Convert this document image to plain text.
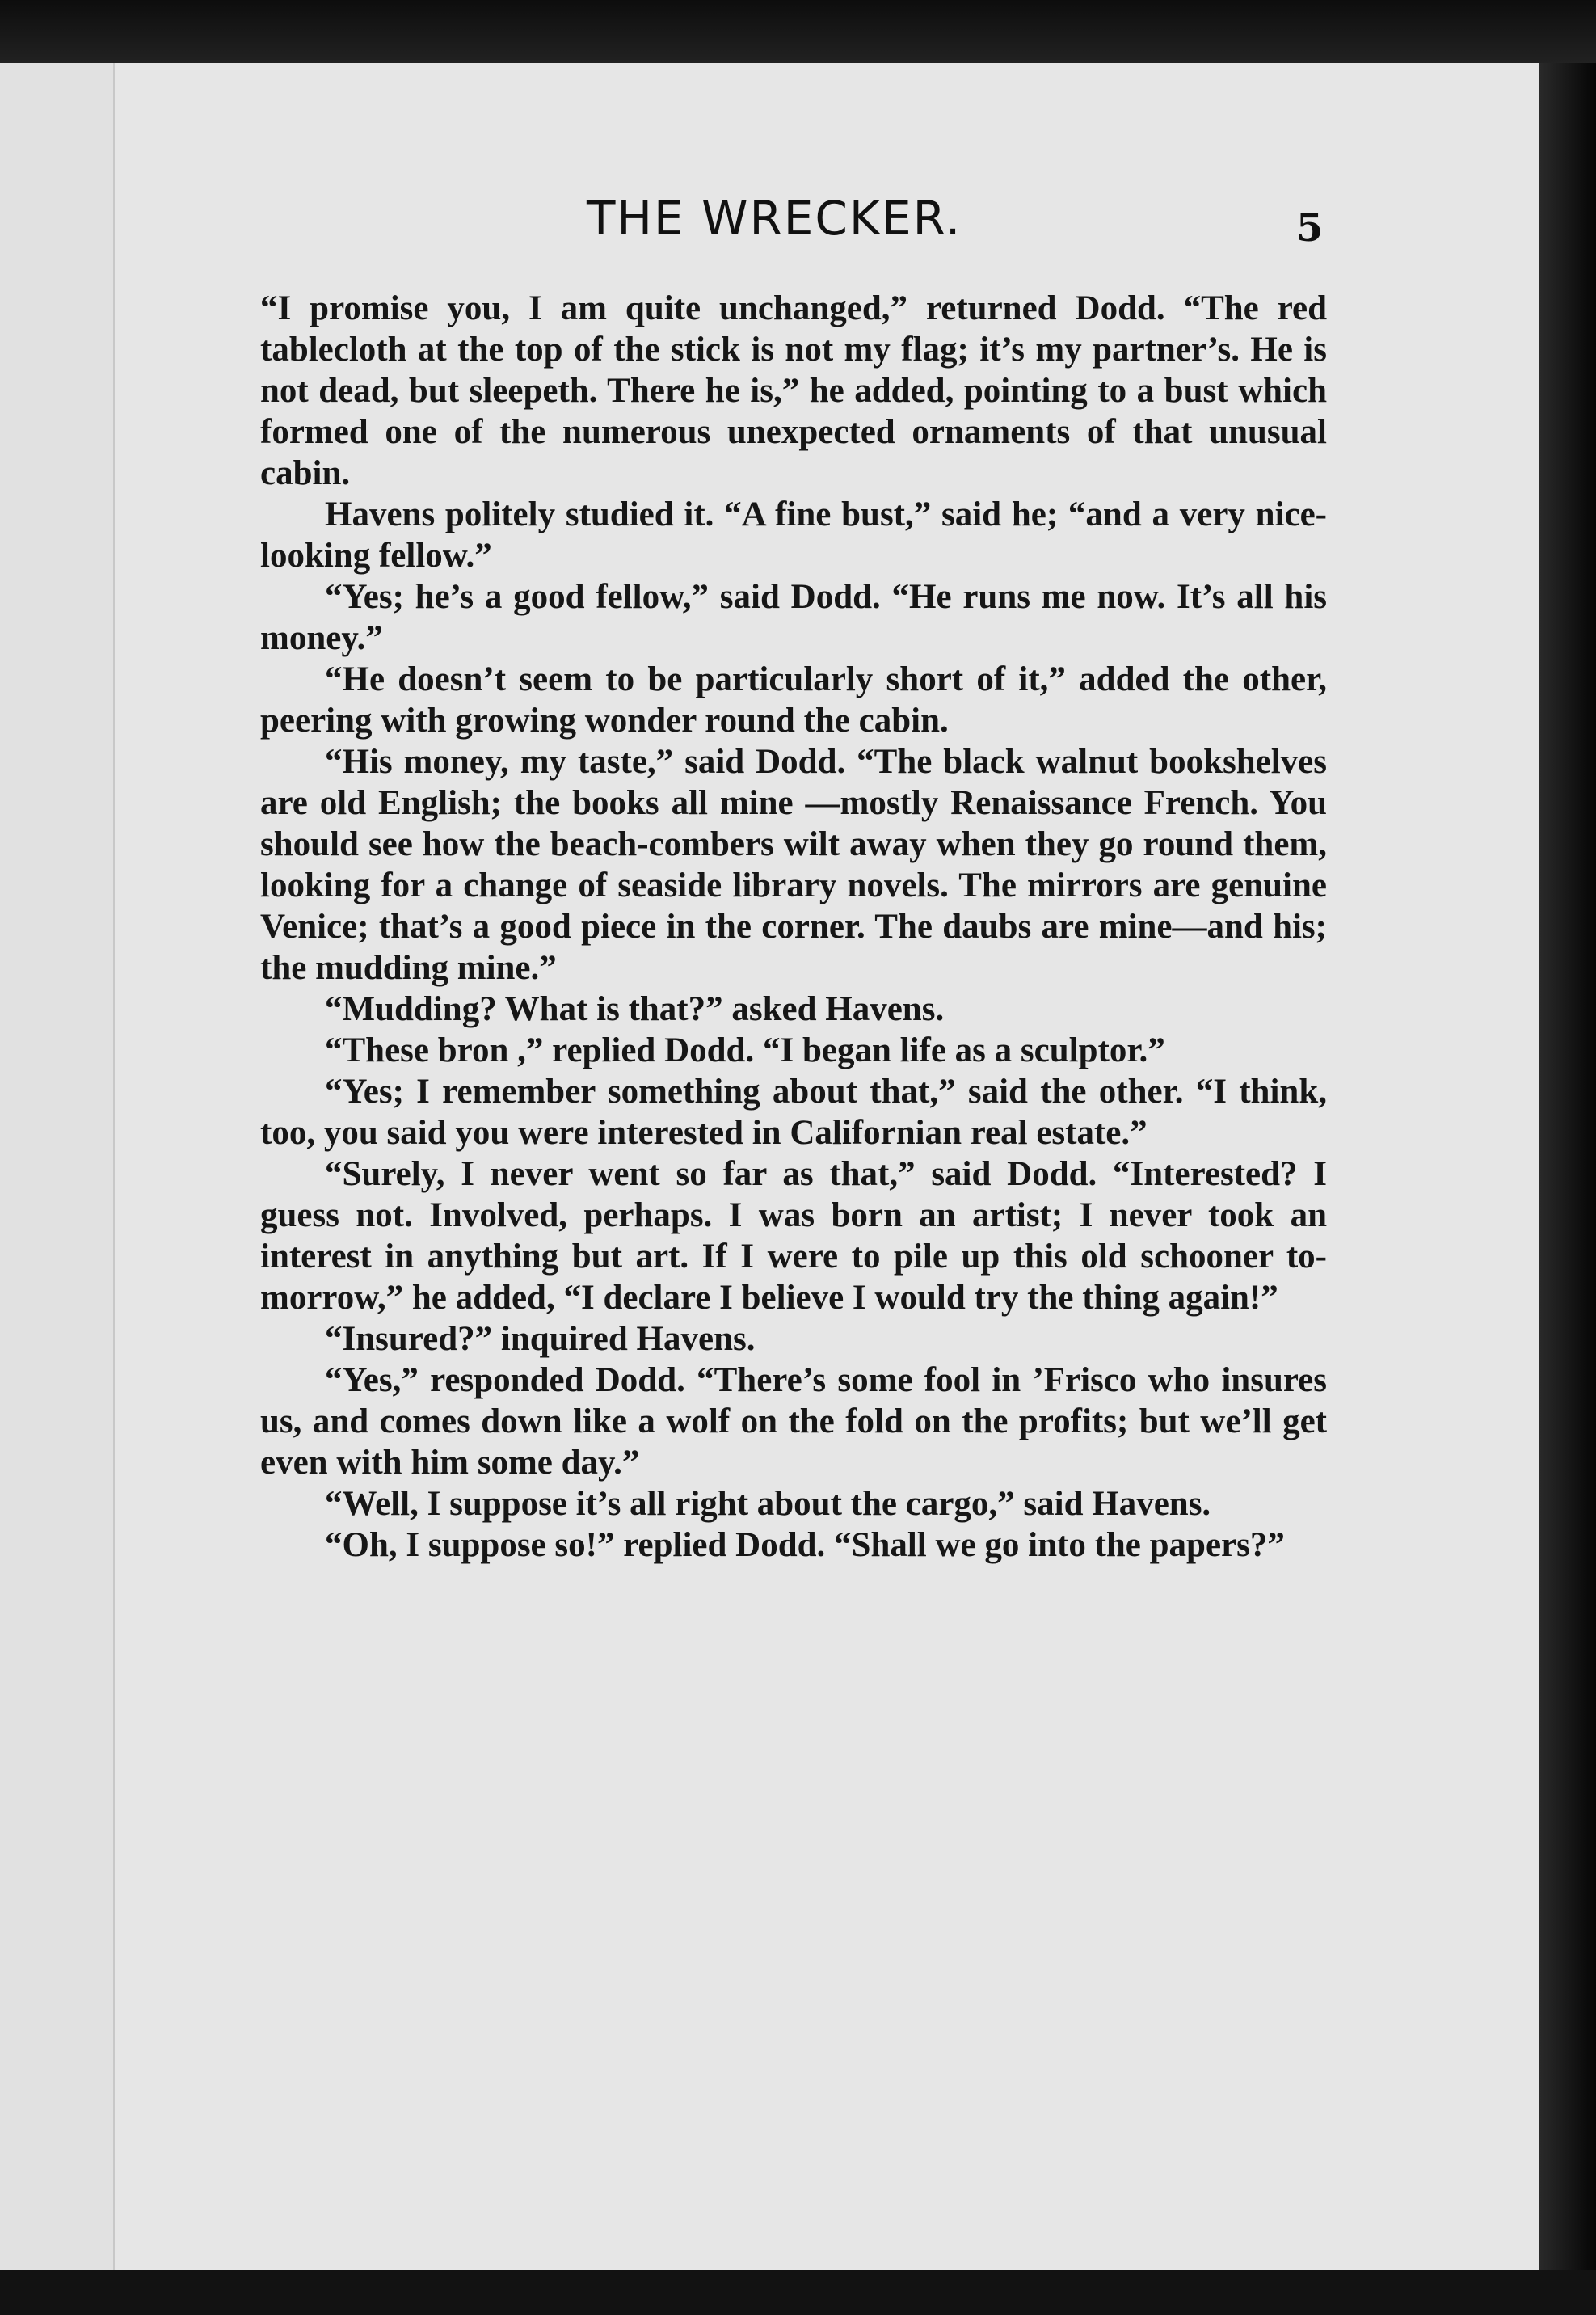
THE WRECKER.	5

“I promise you, I am quite unchanged,” returned Dodd. “The red tablecloth at the top of the stick is not my flag; it’s my partner’s. He is not dead, but sleepeth. There he is,” he added, pointing to a bust which formed one of the numerous unexpected ornaments of that unusual cabin.

Havens politely studied it. “A fine bust,” said he; “and a very nice-looking fellow.”

“Yes; he’s a good fellow,” said Dodd. “He runs me now. It’s all his money.”

“He doesn’t seem to be particularly short of it,” added the other, peering with growing wonder round the cabin.

“His money, my taste,” said Dodd. “The black walnut bookshelves are old English; the books all mine —mostly Renaissance French. You should see how the beach-combers wilt away when they go round them, looking for a change of seaside library novels. The mirrors are genuine Venice; that’s a good piece in the corner. The daubs are mine—and his; the mudding mine.”

“Mudding? What is that?” asked Havens.

“These bron ,” replied Dodd. “I began life as a sculptor.”

“Yes; I remember something about that,” said the other. “I think, too, you said you were interested in Californian real estate.”

“Surely, I never went so far as that,” said Dodd. “Interested? I guess not. Involved, perhaps. I was born an artist; I never took an interest in anything but art. If I were to pile up this old schooner to-morrow,” he added, “I declare I believe I would try the thing again!”

“Insured?” inquired Havens.

“Yes,” responded Dodd. “There’s some fool in ’Frisco who insures us, and comes down like a wolf on the fold on the profits; but we’ll get even with him some day.”

“Well, I suppose it’s all right about the cargo,” said Havens.

“Oh, I suppose so!” replied Dodd. “Shall we go into the papers?”
